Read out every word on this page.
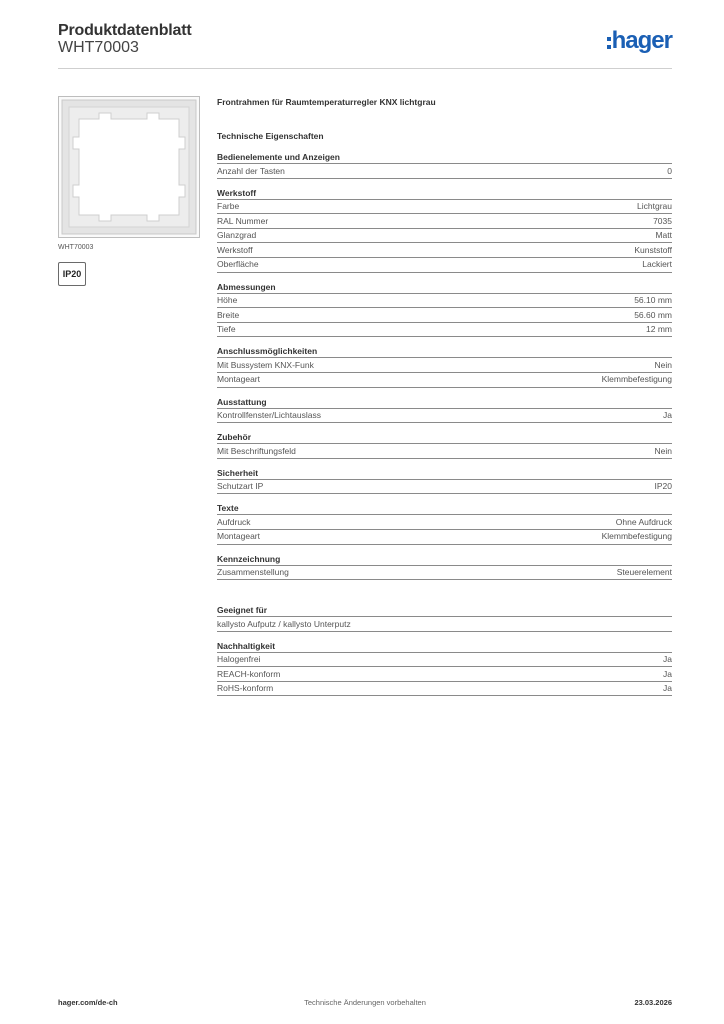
Produktdatenblatt
WHT70003	hager
WHT70003
IP20
Frontrahmen für Raumtemperaturregler KNX lichtgrau
Technische Eigenschaften
Bedienelemente und Anzeigen
Anzahl der Tasten	0
Werkstoff
Farbe	Lichtgrau
RAL Nummer	7035
Glanzgrad	Matt
Werkstoff	Kunststoff
Oberfläche	Lackiert
Abmessungen
Höhe	56.10 mm
Breite	56.60 mm
Tiefe	12 mm
Anschlussmöglichkeiten
Mit Bussystem KNX-Funk	Nein
Montageart	Klemmbefestigung
Ausstattung
Kontrollfenster/Lichtauslass	Ja
Zubehör
Mit Beschriftungsfeld	Nein
Sicherheit
Schutzart IP	IP20
Texte
Aufdruck	Ohne Aufdruck
Montageart	Klemmbefestigung
Kennzeichnung
Zusammenstellung	Steuerelement
Geeignet für
kallysto Aufputz / kallysto Unterputz
Nachhaltigkeit
Halogenfrei	Ja
REACH-konform	Ja
RoHS-konform	Ja
hager.com/de-ch	Technische Änderungen vorbehalten	23.03.2026
